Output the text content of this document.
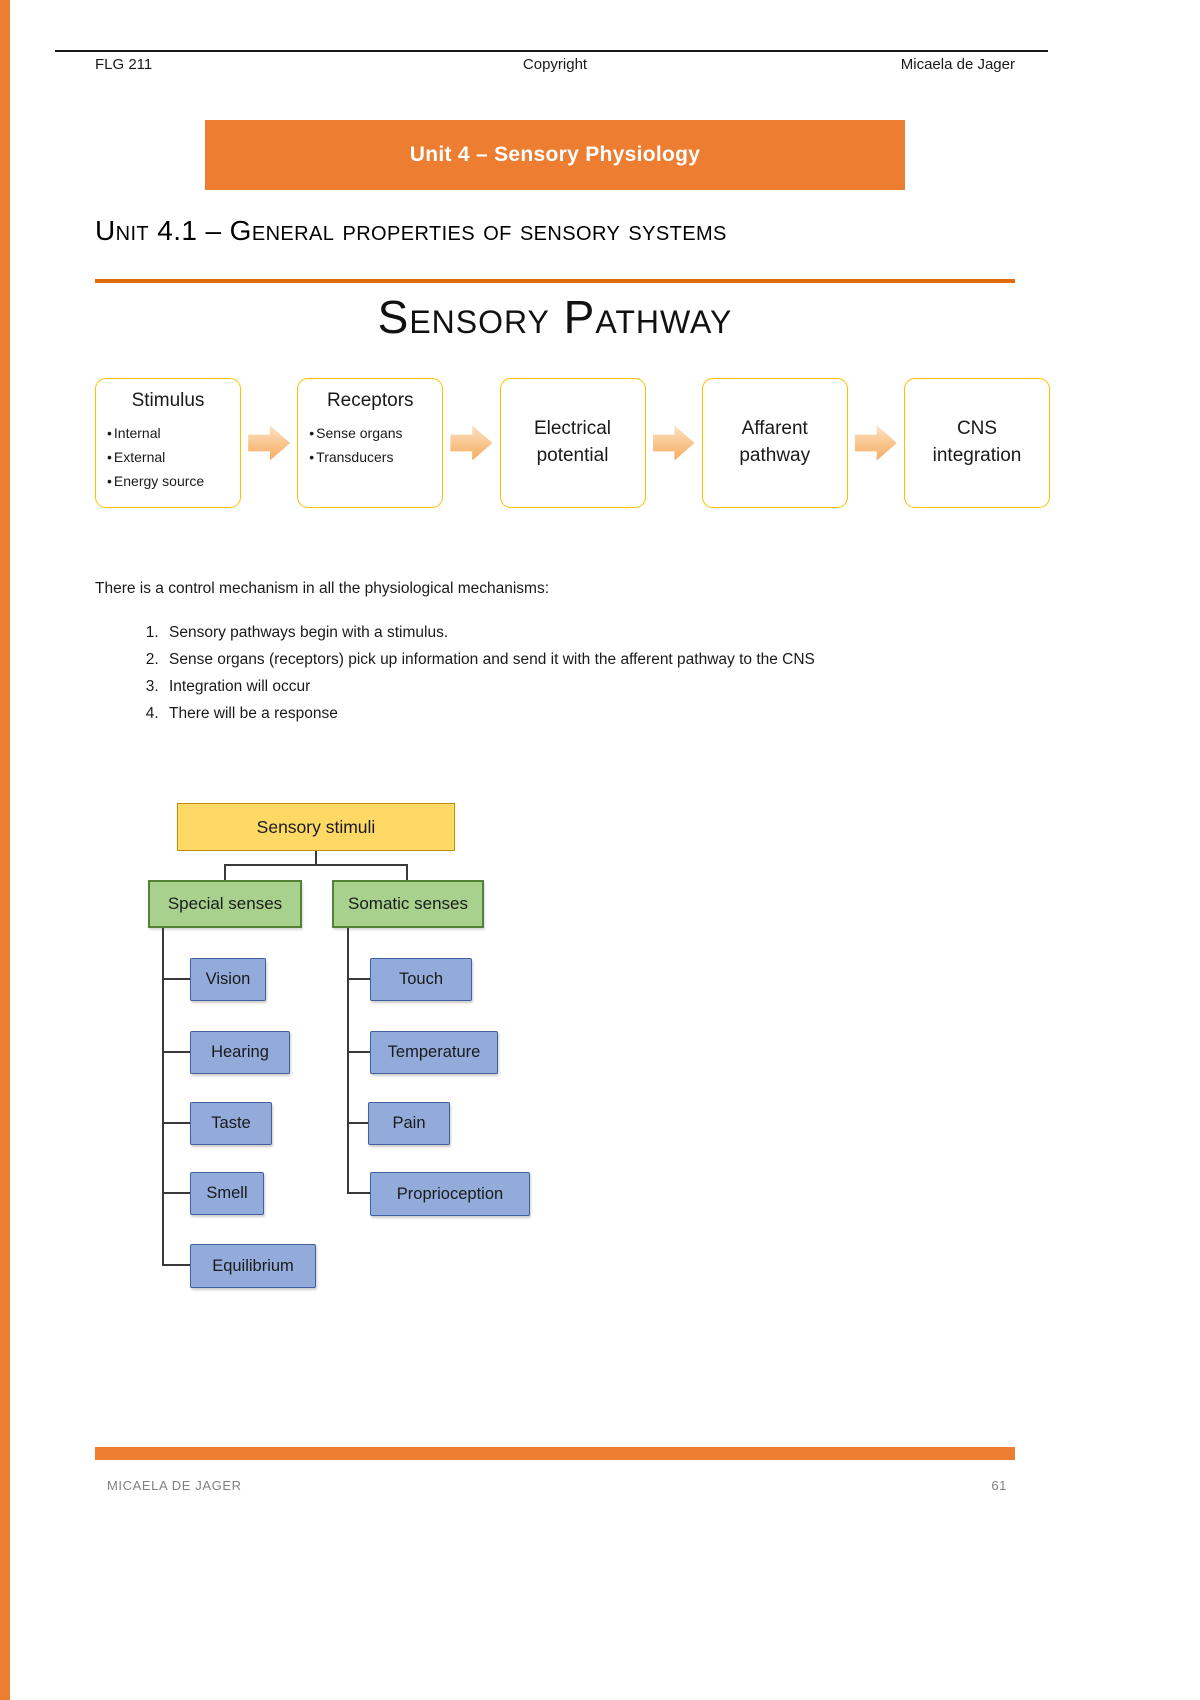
FLG 211	Copyright	Micaela de Jager
Unit 4 – Sensory Physiology
Unit 4.1 – General properties of sensory systems
Sensory Pathway
Stimulus
• Internal
• External
• Energy source
Receptors
• Sense organs
• Transducers
Electrical potential
Affarent pathway
CNS integration

There is a control mechanism in all the physiological mechanisms:

1. Sensory pathways begin with a stimulus.
2. Sense organs (receptors) pick up information and send it with the afferent pathway to the CNS
3. Integration will occur
4. There will be a response
Sensory stimuli
Special senses	Somatic senses
Vision
Hearing
Taste
Smell
Equilibrium
Touch
Temperature
Pain
Proprioception
MICAELA DE JAGER	61
